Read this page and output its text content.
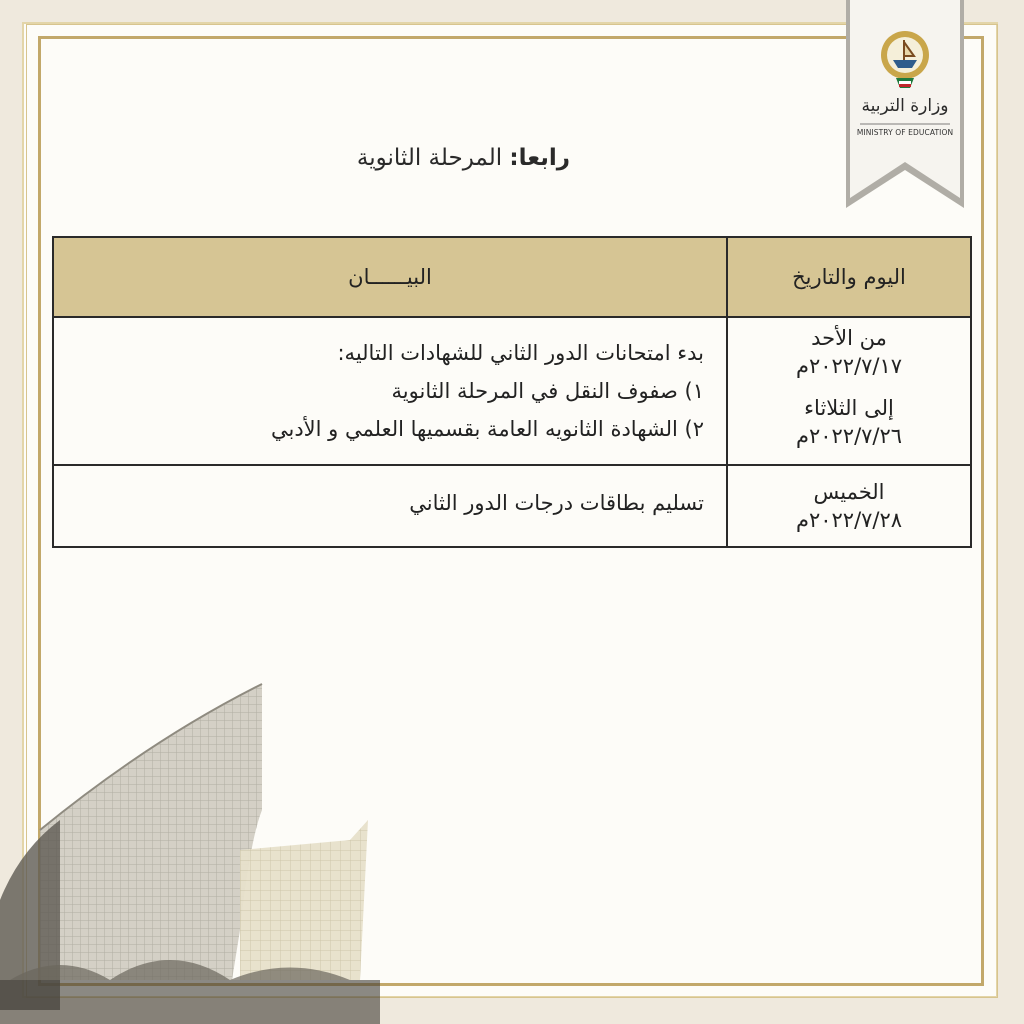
وزارة التربية
MINISTRY OF EDUCATION
رابعا: المرحلة الثانوية
اليوم والتاريخ	البيــــــان

من الأحد
٢٠٢٢/٧/١٧م
إلى الثلاثاء
٢٠٢٢/٧/٢٦م	بدء امتحانات الدور الثاني للشهادات التاليه:
١) صفوف النقل في المرحلة الثانوية
٢) الشهادة الثانويه العامة بقسميها العلمي و الأدبي

الخميس
٢٠٢٢/٧/٢٨م	تسليم بطاقات درجات الدور الثاني
